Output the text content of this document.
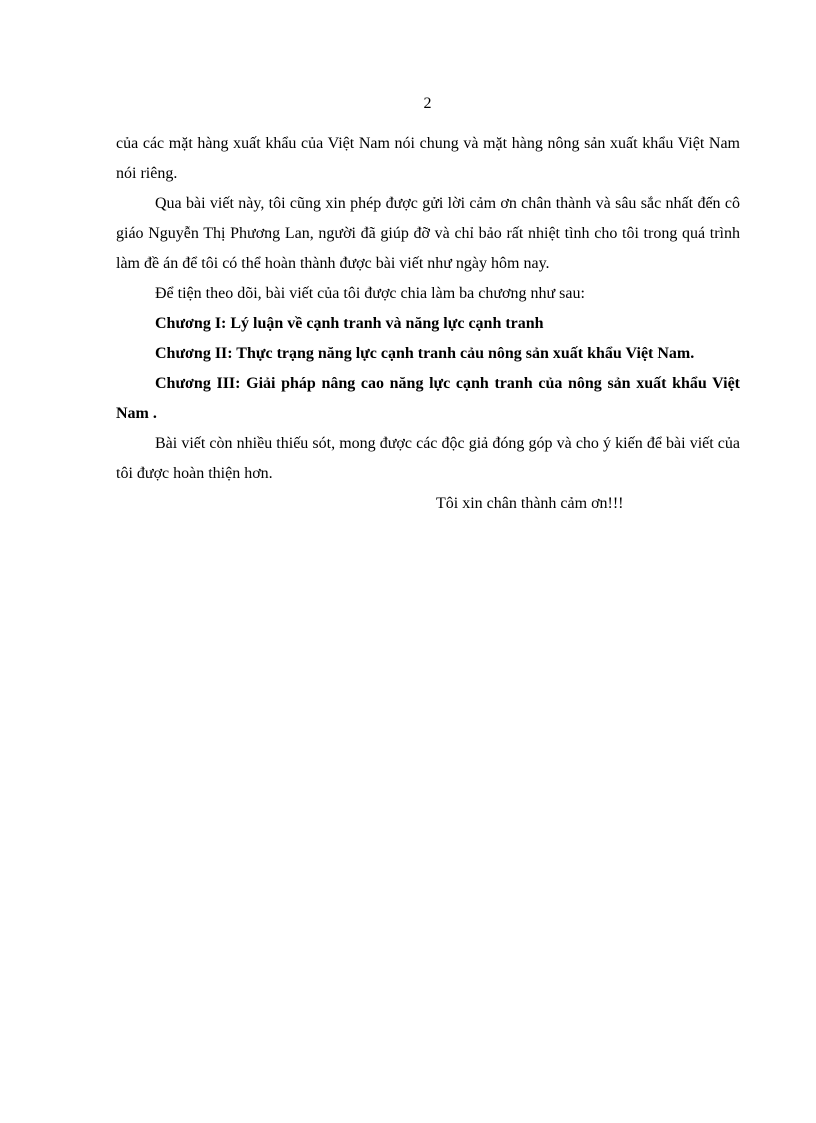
2

của các mặt hàng xuất khẩu của Việt Nam nói chung và mặt hàng nông sản xuất khẩu Việt Nam nói riêng.

Qua bài viết này, tôi cũng xin phép được gửi lời cảm ơn chân thành và sâu sắc nhất đến cô giáo Nguyễn Thị Phương Lan, người đã giúp đỡ và chỉ bảo rất nhiệt tình cho tôi trong quá trình làm đề án để tôi có thể hoàn thành được bài viết như ngày hôm nay.

Để tiện theo dõi, bài viết của tôi được chia làm ba chương như sau:

Chương I: Lý luận về cạnh tranh và năng lực cạnh tranh

Chương II: Thực trạng năng lực cạnh tranh cảu nông sản xuất khẩu Việt Nam.

Chương III: Giải pháp nâng cao năng lực cạnh tranh của nông sản xuất khẩu Việt Nam .

Bài viết còn nhiều thiếu sót, mong được các độc giả đóng góp và cho ý kiến để bài viết của tôi được hoàn thiện hơn.

Tôi xin chân thành cảm ơn!!!
